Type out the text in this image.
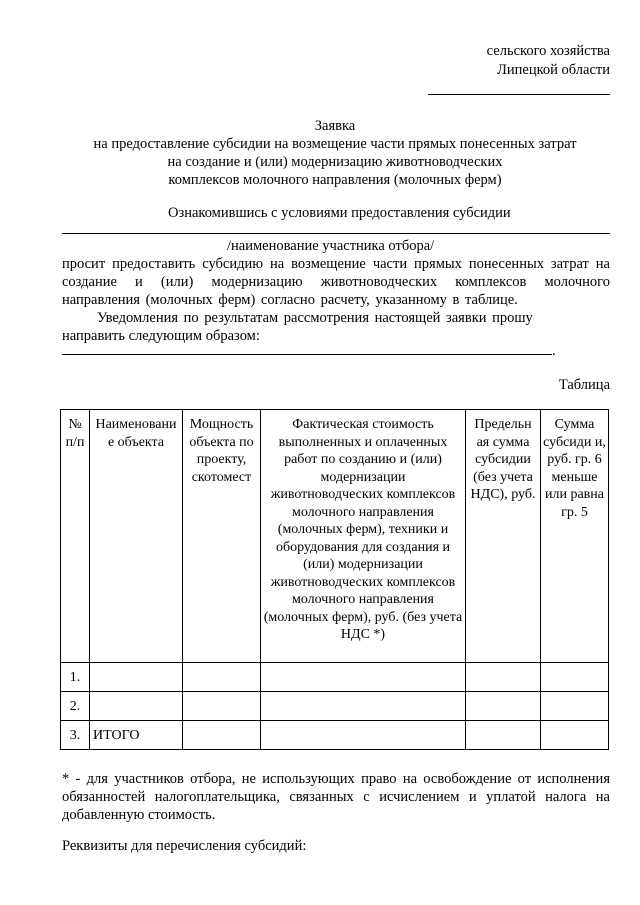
сельского хозяйства
Липецкой области
Заявка
на предоставление субсидии на возмещение части прямых понесенных затрат
на создание и (или) модернизацию животноводческих
комплексов молочного направления (молочных ферм)
Ознакомившись с условиями предоставления субсидии
/наименование участника отбора/
просит предоставить субсидию на возмещение части прямых понесенных затрат на
создание и (или) модернизацию животноводческих комплексов молочного
направления (молочных ферм) согласно расчету, указанному в таблице.
Уведомления по результатам рассмотрения настоящей заявки прошу
направить следующим образом:
.
Таблица
№ п/п	Наименовани е объекта	Мощность объекта по проекту, скотомест	Фактическая стоимость выполненных и оплаченных работ по созданию и (или) модернизации животноводческих комплексов молочного направления (молочных ферм), техники и оборудования для создания и (или) модернизации животноводческих комплексов молочного направления (молочных ферм), руб. (без учета НДС *)	Предельн ая сумма субсидии (без учета НДС), руб.	Сумма субсиди и, руб. гр. 6 меньше или равна гр. 5
1.					
2.					
3.	ИТОГО				
* - для участников отбора, не использующих право на освобождение от исполнения
обязанностей налогоплательщика, связанных с исчислением и уплатой налога на
добавленную стоимость.
Реквизиты для перечисления субсидий:
